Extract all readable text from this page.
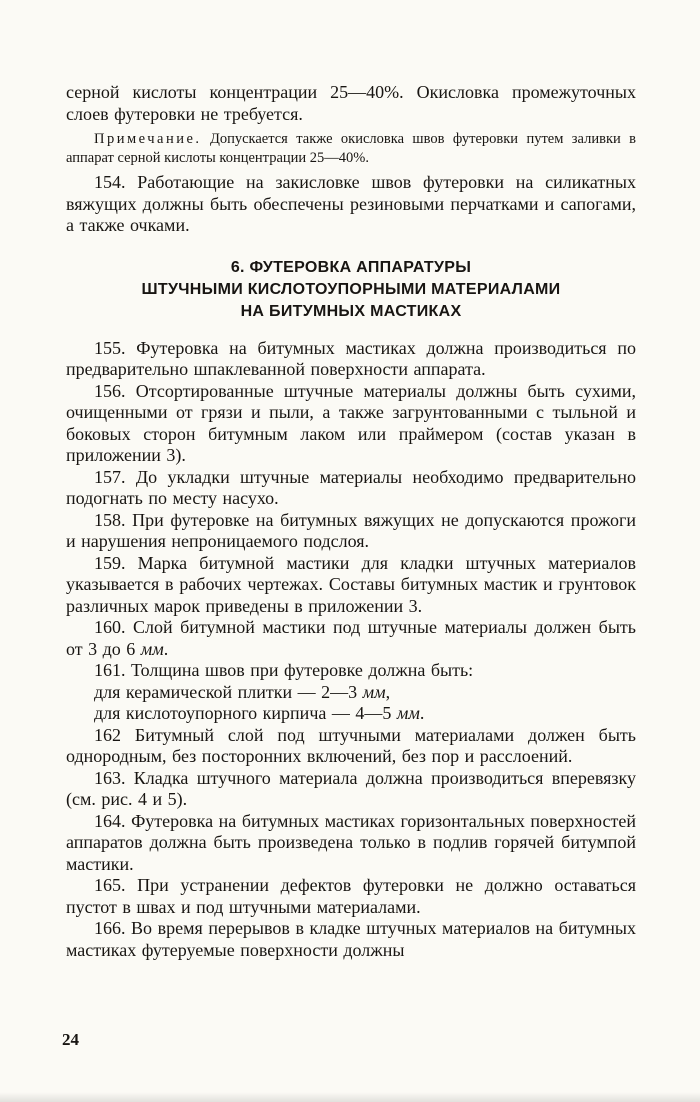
серной кислоты концентрации 25—40%. Окисловка промежуточных слоев футеровки не требуется.

Примечание. Допускается также окисловка швов футеровки путем заливки в аппарат серной кислоты концентрации 25—40%.

154. Работающие на закисловке швов футеровки на силикатных вяжущих должны быть обеспечены резиновыми перчатками и сапогами, а также очками.

6. ФУТЕРОВКА АППАРАТУРЫ
ШТУЧНЫМИ КИСЛОТОУПОРНЫМИ МАТЕРИАЛАМИ
НА БИТУМНЫХ МАСТИКАХ

155. Футеровка на битумных мастиках должна производиться по предварительно шпаклеванной поверхности аппарата.

156. Отсортированные штучные материалы должны быть сухими, очищенными от грязи и пыли, а также загрунтованными с тыльной и боковых сторон битумным лаком или праймером (состав указан в приложении 3).

157. До укладки штучные материалы необходимо предварительно подогнать по месту насухо.

158. При футеровке на битумных вяжущих не допускаются прожоги и нарушения непроницаемого подслоя.

159. Марка битумной мастики для кладки штучных материалов указывается в рабочих чертежах. Составы битумных мастик и грунтовок различных марок приведены в приложении 3.

160. Слой битумной мастики под штучные материалы должен быть от 3 до 6 мм.

161. Толщина швов при футеровке должна быть:

для керамической плитки — 2—3 мм,

для кислотоупорного кирпича — 4—5 мм.

162 Битумный слой под штучными материалами должен быть однородным, без посторонних включений, без пор и расслоений.

163. Кладка штучного материала должна производиться вперевязку (см. рис. 4 и 5).

164. Футеровка на битумных мастиках горизонтальных поверхностей аппаратов должна быть произведена только в подлив горячей битумпой мастики.

165. При устранении дефектов футеровки не должно оставаться пустот в швах и под штучными материалами.

166. Во время перерывов в кладке штучных материалов на битумных мастиках футеруемые поверхности должны

24
